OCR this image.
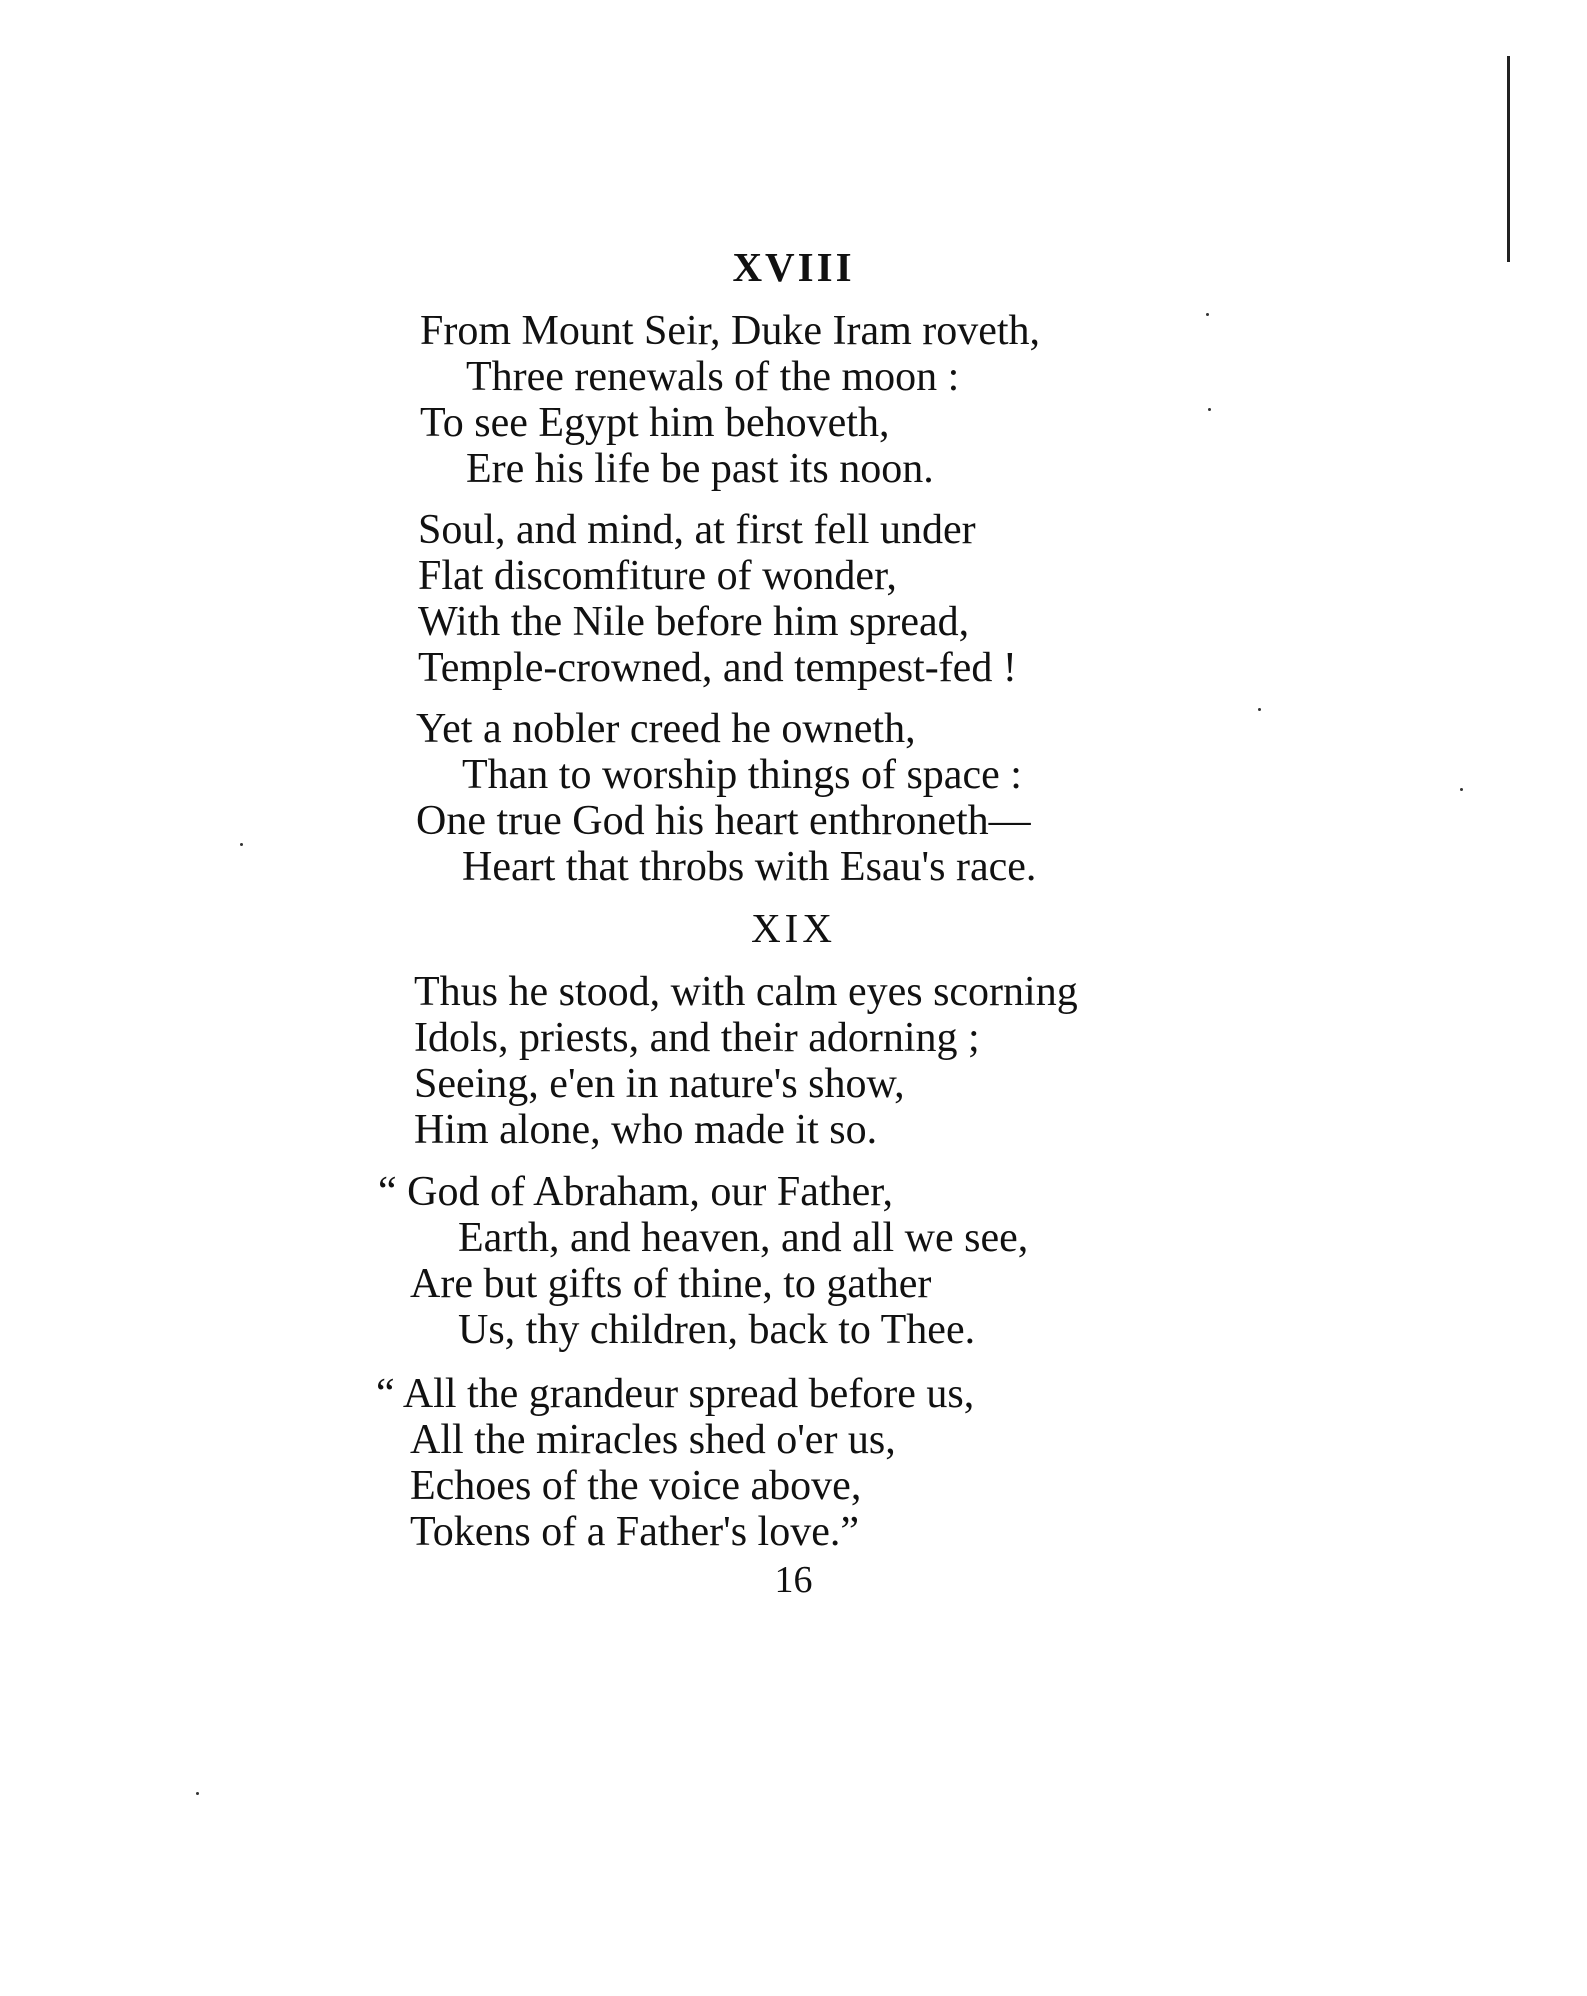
XVIII
From Mount Seir, Duke Iram roveth,
Three renewals of the moon :
To see Egypt him behoveth,
Ere his life be past its noon.
Soul, and mind, at first fell under
Flat discomfiture of wonder,
With the Nile before him spread,
Temple-crowned, and tempest-fed !
Yet a nobler creed he owneth,
Than to worship things of space :
One true God his heart enthroneth—
Heart that throbs with Esau's race.
XIX
Thus he stood, with calm eyes scorning
Idols, priests, and their adorning ;
Seeing, e'en in nature's show,
Him alone, who made it so.
“ God of Abraham, our Father,
Earth, and heaven, and all we see,
Are but gifts of thine, to gather
Us, thy children, back to Thee.
“ All the grandeur spread before us,
All the miracles shed o'er us,
Echoes of the voice above,
Tokens of a Father's love.”
16
